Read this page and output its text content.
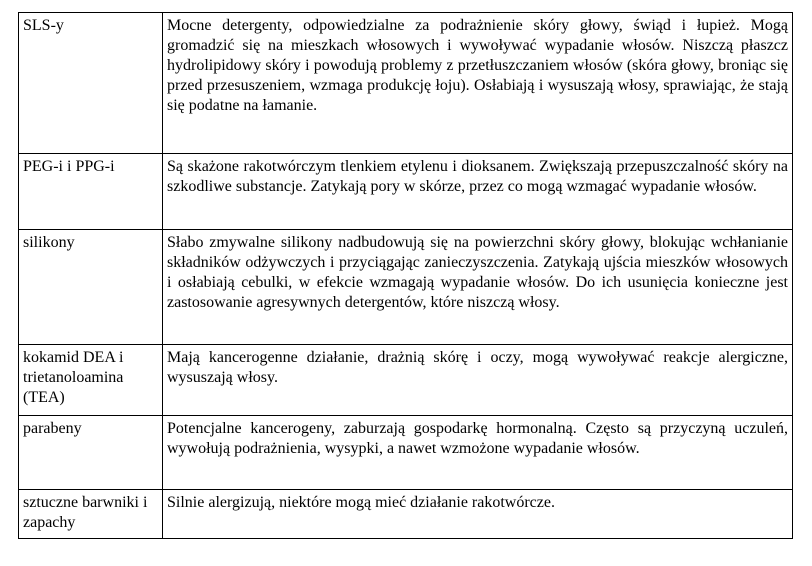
SLS-y	Mocne detergenty, odpowiedzialne za podrażnienie skóry głowy, świąd i łupież. Mogą gromadzić się na mieszkach włosowych i wywoływać wypadanie włosów. Niszczą płaszcz hydrolipidowy skóry i powodują problemy z przetłuszczaniem włosów (skóra głowy, broniąc się przed przesuszeniem, wzmaga produkcję łoju). Osłabiają i wysuszają włosy, sprawiając, że stają się podatne na łamanie.
PEG-i i PPG-i	Są skażone rakotwórczym tlenkiem etylenu i dioksanem. Zwiększają przepuszczalność skóry na szkodliwe substancje. Zatykają pory w skórze, przez co mogą wzmagać wypadanie włosów.
silikony	Słabo zmywalne silikony nadbudowują się na powierzchni skóry głowy, blokując wchłanianie składników odżywczych i przyciągając zanieczyszczenia. Zatykają ujścia mieszków włosowych i osłabiają cebulki, w efekcie wzmagają wypadanie włosów. Do ich usunięcia konieczne jest zastosowanie agresywnych detergentów, które niszczą włosy.
kokamid DEA i trietanoloamina (TEA)	Mają kancerogenne działanie, drażnią skórę i oczy, mogą wywoływać reakcje alergiczne, wysuszają włosy.
parabeny	Potencjalne kancerogeny, zaburzają gospodarkę hormonalną. Często są przyczyną uczuleń, wywołują podrażnienia, wysypki, a nawet wzmożone wypadanie włosów.
sztuczne barwniki i zapachy	Silnie alergizują, niektóre mogą mieć działanie rakotwórcze.
